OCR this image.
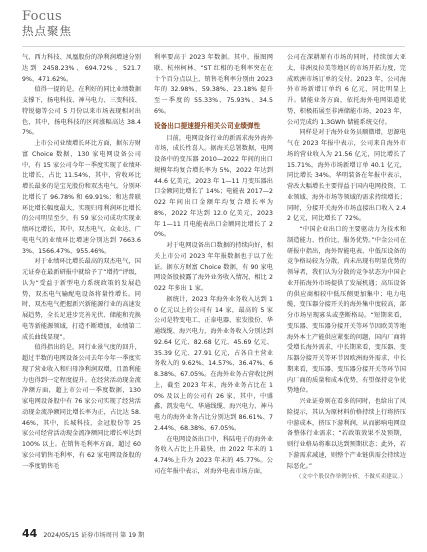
Focus
热点聚焦

气、西力科技、凤凰股份的净利润增速分别达到 2458.23%、694.72%、521.79%、471.62%。

值得一提的是，在利好的同比业绩数据支撑下，扬电科技、神马电力、三变科技、特锐德等公司 5 月份以来市场表现相对出色，其中，扬电科技的区间涨幅高达 38.47%。

上市公司业绩增长环比方面，据东方财富 Choice 数据，130 家电网设备公司中，有 15 家公司今年一季度实现了业绩环比增长，占比 11.54%，其中，营收环比增长最多的是宝光股份和双杰电气，分别环比增长了 96.78% 和 69.91%；和达普联环比增长幅度最大，实现归母利润环比增长的公司明星至少，有 59 家公司成功实现业绩环比增长，其中，双杰电气、众业达、广电电气的业绩环比增速分别达到 7663.63%、1566.47%、955.46%。

对于业绩环比增长最高的双杰电气，国元证券在最新研报中就给予了“增持”评级，认为“受益于新型电力系统政策的发展趋势，双杰电气输配电设备将量性增长。同时，双杰电气把握新兴新能源行业的高速发展趋势，全长足进步完善光伏、储能和充换电等新能源领域，打造不断增加，业绩第二成长曲线显现”。

值得指出的是，同行业景气度的回升，超过半数的电网设备公司去年今年一季度实现了营业收入和归母净利润双增，且盈利能力也得到一定程度提升。在经营活动现金流净额方面，超上市公司一季度数据，130 家电网设备股中有 76 家公司实现了经营活动现金流净额同比增长率为正，占比达 58.46%，其中，长城科技、金冠股份等 25 家公司经营活动现金流净额同比增长率达到 100% 以上。在销售毛利率方面，超过 60 家公司销售毛利率，有 62 家电网设备股的一季度销售毛

利率要高于 2023 年数据。其中，报图网联、杭州柯林、“ST 红相的毛利率突在在十个百分点以上，销售毛利率分别由 2023 年的 32.98%、59.38%、23.18% 提升至一季度的 55.33%、75.93%、34.56%。

设备出口提速提升相关公司业绩弹性

目前，电网设备行业的新需求海外海外市场，成长性喜人。据海关总署数据，电网设备中的变压器 2010—2022 年间的出口规模年均复合增长率为 5%，2022 年达到 44.6 亿美元，2023 年 1—11 月变压器出口金额同比增长了 14%；电能表 2017—2022 年间出口金额年均复合增长率为 8%，2022 年达到 12.0 亿美元，2023 年 1—11 月电能表出口金额同比增长了 20%。

对于电网设备出口数据的持续向好，相关上市公司 2023 年年报数据也于以了佐证。据东方财富 Choice 数据，有 90 家电网设备股披露了海外业务收入情况，相比 2022 年多出 1 家。

据统计，2023 年海外业务收入达到 10 亿元以上的公司有 14 家，最高的 5 家公司是特变电工、正泰电器、宏发股份、华通线缆、海兴电力，海外业务收入分别达到 92.64 亿元、82.68 亿元、45.69 亿元、35.39 亿元、27.91 亿元，占各自主营业务收入的 9.62%、14.57%、36.47%、68.38%、67.05%。在海外业务占营收比例上，截至 2023 年末，海外业务占比在 10% 及以上的公司有 26 家，其中，中盛鑫、凯发电气、华通线缆、海兴电力、神马电力的海外业务占比分别达到 86.61%、72.44%、68.38%、67.05%。

在电网设备出口中，科陆电子的海外业务收入占比上升最快，由 2022 年末的 14.74%上升为 2023 年末的 45.77%。公司在年报中表示，对海外电表市场方面，

公司在深耕原有市场的同时，持续加大亚太、非洲及拉美等地区的市场开拓力度，完成欧洲市场订单的交付。2023 年，公司海外市场新增订单约 6 亿元，同比明显上升。储能业务方面，依托海外电网渠道优势，积极拓展至非洲储能市场，2023 年，公司完成约 1.3GWh 储能系统交付。

同样是对于海外业务员顺微增，思源电气在 2023 年报中表示，公司来自海外市场的营业收入为 21.56 亿元，同比增长了 15.71%，海外市场新增订单 40.1 亿元，同比增长 34%。华明装备在年报中表示，营改大幅增长主要得益于国内电网投资、工业领域、海外市场等领域的需求持续增长；同时，分接开关海外市场直接出口收入 2.42 亿元，同比增长了 72%。

“中国企业出口的主要驱动力为技术和制造能力、性价比、服务优势。”中金公司在研报中指出，海外智能电表、中低压设备的竞争格局较为分散，尚未出现有明显优势的领导者，我们认为分散的竞争状态为中国企业开拓海外市场提供了发展机遇；高压设备的供应商相较中低压侧更加集中；电力电缆、变压器分接开关的海外集中度较高，部分市场呈现寡头或垄断格局。“短期来看，变压器、变压器分接开关等环节因欧美等地海外本土产能供应紧张的问题，国内厂商将受增长海外需求，中长期来看，变压器、变压器分接开关等环节因欧洲海外需求，中长期来看，变压器、变压器分接开关等环节国内厂商的质量和成本优势，有望保持竞争优势地位。

兴业证券则在看多的同时，也给出了风险提示，其认为原材料价格持续上行将挤压中游成本，挤压下游利润，从而影响电网设备整体行业需求；“若政策效果不及预期，则行业格局将难以达到预期状态；此外，若下游需求减速，则整个产业链供需会持续边际恶化。”

（文中个股仅作举例分析，不做买卖建议。）

44 2024/05/15 证券市场周刊 第 19 期
